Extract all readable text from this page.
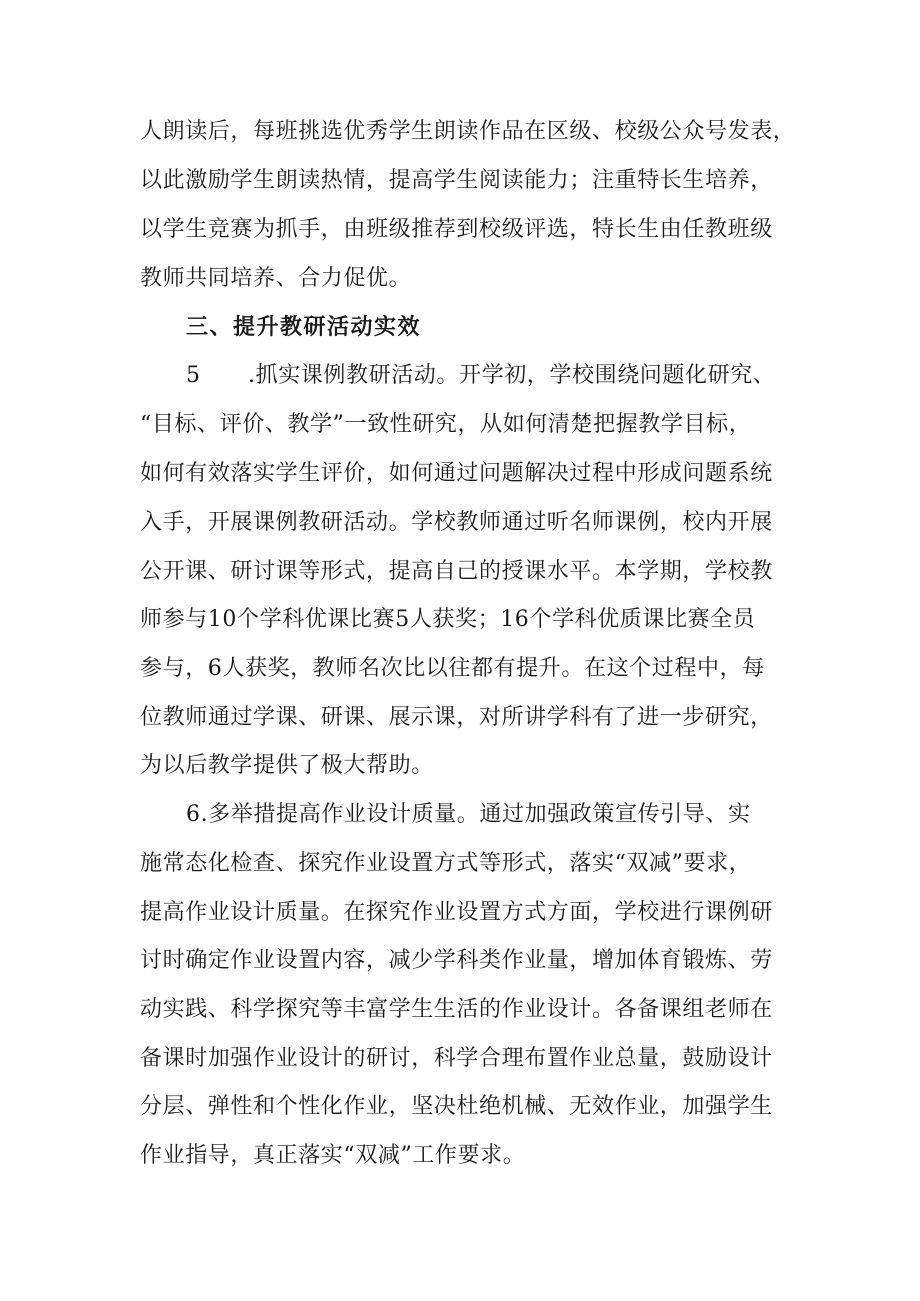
人朗读后，每班挑选优秀学生朗读作品在区级、校级公众号发表，
以此激励学生朗读热情，提高学生阅读能力；注重特长生培养，
以学生竞赛为抓手，由班级推荐到校级评选，特长生由任教班级
教师共同培养、合力促优。
三、提升教研活动实效
5 .抓实课例教研活动。开学初，学校围绕问题化研究、
“目标、评价、教学”一致性研究，从如何清楚把握教学目标，
如何有效落实学生评价，如何通过问题解决过程中形成问题系统
入手，开展课例教研活动。学校教师通过听名师课例，校内开展
公开课、研讨课等形式，提高自己的授课水平。本学期，学校教
师参与10个学科优课比赛5人获奖；16个学科优质课比赛全员
参与，6人获奖，教师名次比以往都有提升。在这个过程中，每
位教师通过学课、研课、展示课，对所讲学科有了进一步研究，
为以后教学提供了极大帮助。
6.多举措提高作业设计质量。通过加强政策宣传引导、实
施常态化检查、探究作业设置方式等形式，落实“双减”要求，
提高作业设计质量。在探究作业设置方式方面，学校进行课例研
讨时确定作业设置内容，减少学科类作业量，增加体育锻炼、劳
动实践、科学探究等丰富学生生活的作业设计。各备课组老师在
备课时加强作业设计的研讨，科学合理布置作业总量，鼓励设计
分层、弹性和个性化作业，坚决杜绝机械、无效作业，加强学生
作业指导，真正落实“双减”工作要求。
